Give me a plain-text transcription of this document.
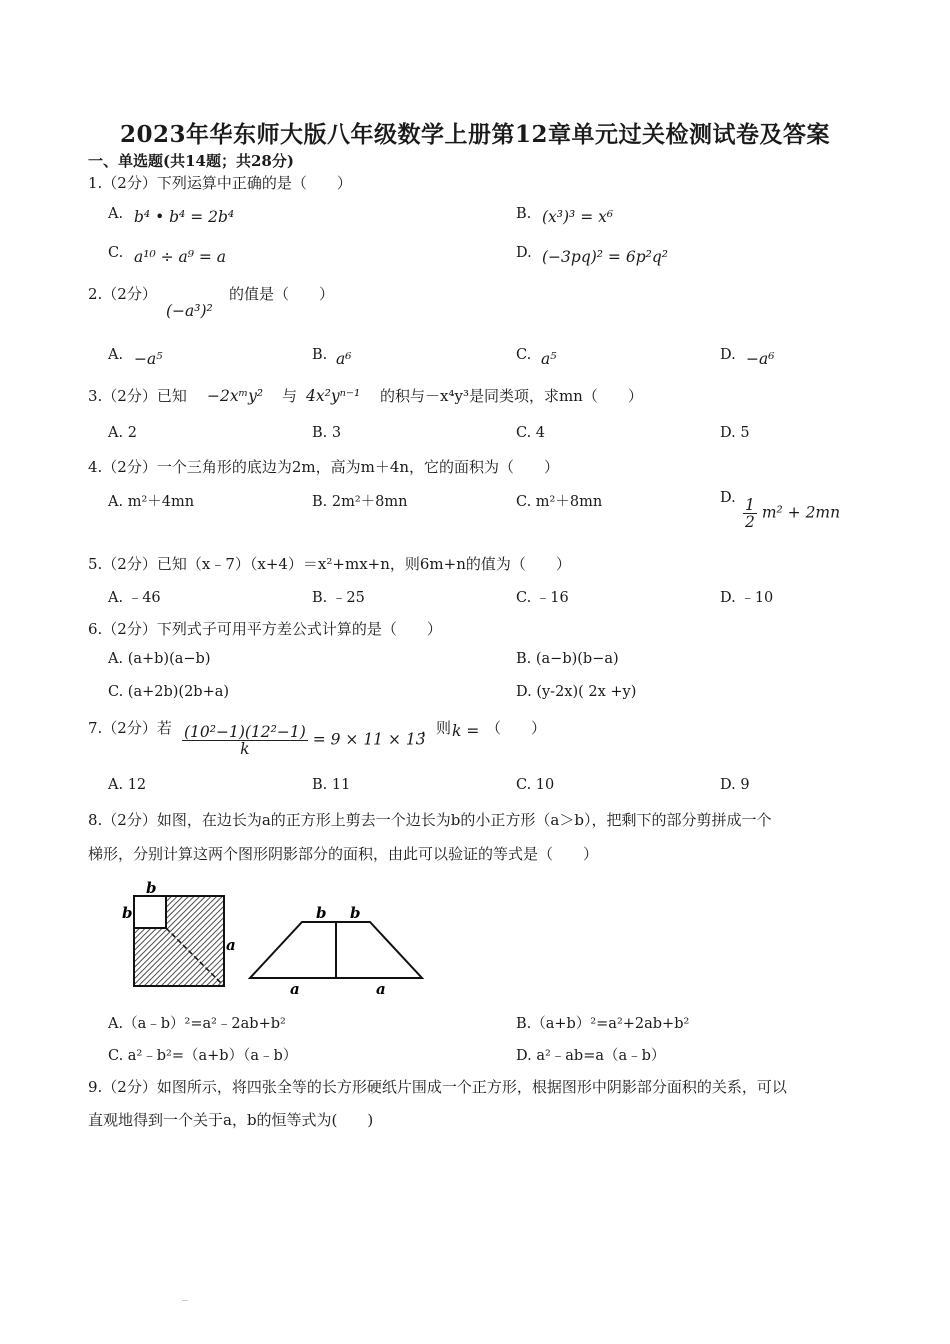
2023年华东师大版八年级数学上册第12章单元过关检测试卷及答案
一、单选题(共14题；共28分)
1.（2分）下列运算中正确的是（　　）
A. b⁴ • b⁴ = 2b⁴	B. (x³)³ = x⁶
C. a¹⁰ ÷ a⁹ = a	D. (−3pq)² = 6p²q²
2.（2分）
(−a³)²
的值是（　　）
A. −a⁵	B. a⁶	C. a⁵	D. −a⁶
3.（2分）已知 −2xᵐy² 与 4x²yⁿ⁻¹ 的积与－x⁴y³是同类项，求mn（　　）
A. 2	B. 3	C. 4	D. 5
4.（2分）一个三角形的底边为2m，高为m＋4n，它的面积为（　　）
A. m²＋4mn	B. 2m²＋8mn	C. m²＋8mn	D. $\frac{1}{2} m^2 + 2mn$
5.（2分）已知（x﹣7）（x+4）＝x²+mx+n，则6m+n的值为（　　）
A. ﹣46	B. ﹣25	C. ﹣16	D. ﹣10
6.（2分）下列式子可用平方差公式计算的是（　　）
A. (a+b)(a−b)	B. (a−b)(b−a)
C. (a+2b)(2b+a)	D. (y-2x)( 2x +y)
7.（2分）若 $\frac{\text{(10²−1)(12²−1)}}{k} = 9 \times 11 \times 13$
，则 k = （　　）
A. 12	B. 11	C. 10	D. 9
8.（2分）如图，在边长为a的正方形上剪去一个边长为b的小正方形（a＞b），把剩下的部分剪拼成一个
梯形，分别计算这两个图形阴影部分的面积，由此可以验证的等式是（　　）
b
b
a
b b
a	a
A.（a﹣b）²=a²﹣2ab+b²	B.（a+b）²=a²+2ab+b²
C. a²﹣b²=（a+b）（a﹣b）	D. a²﹣ab=a（a﹣b）
9.（2分）如图所示，将四张全等的长方形硬纸片围成一个正方形，根据图形中阴影部分面积的关系，可以
直观地得到一个关于a，b的恒等式为(　　)
